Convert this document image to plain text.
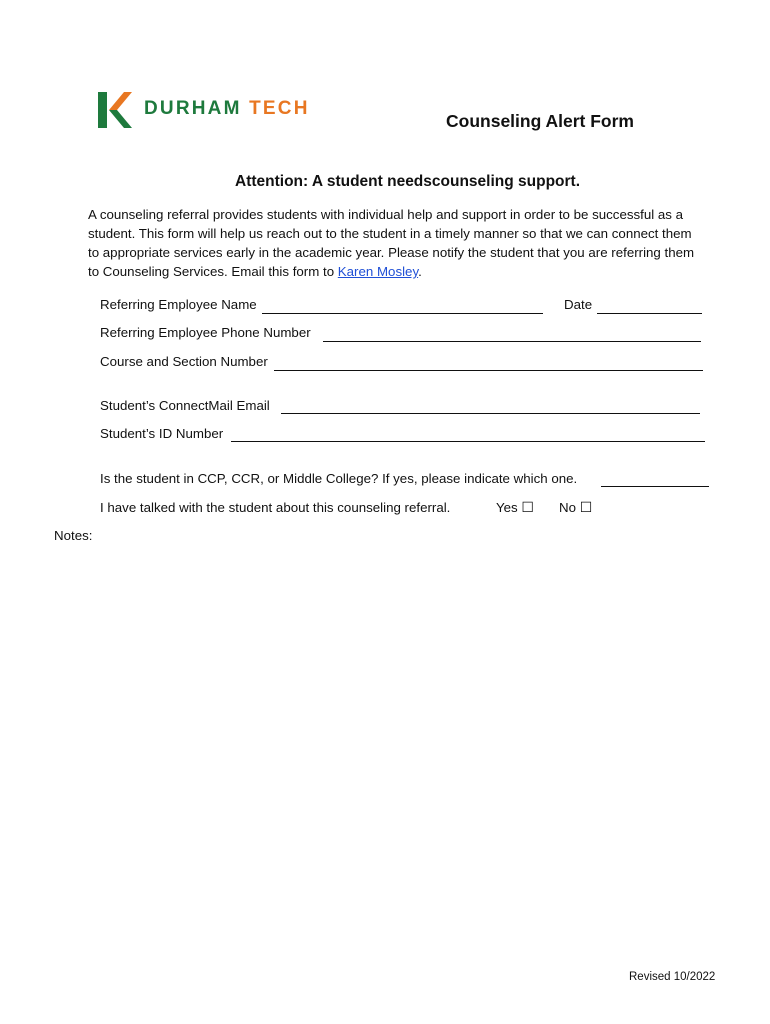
DURHAM TECH
Counseling Alert Form
Attention: A student needscounseling support.
A counseling referral provides students with individual help and support in order to be successful as a student. This form will help us reach out to the student in a timely manner so that we can connect them to appropriate services early in the academic year. Please notify the student that you are referring them to Counseling Services. Email this form to Karen Mosley.
Referring Employee Name	Date
Referring Employee Phone Number
Course and Section Number
Student’s ConnectMail Email
Student’s ID Number
Is the student in CCP, CCR, or Middle College? If yes, please indicate which one.
I have talked with the student about this counseling referral.	Yes ☐ No ☐
Notes:
Revised 10/2022
